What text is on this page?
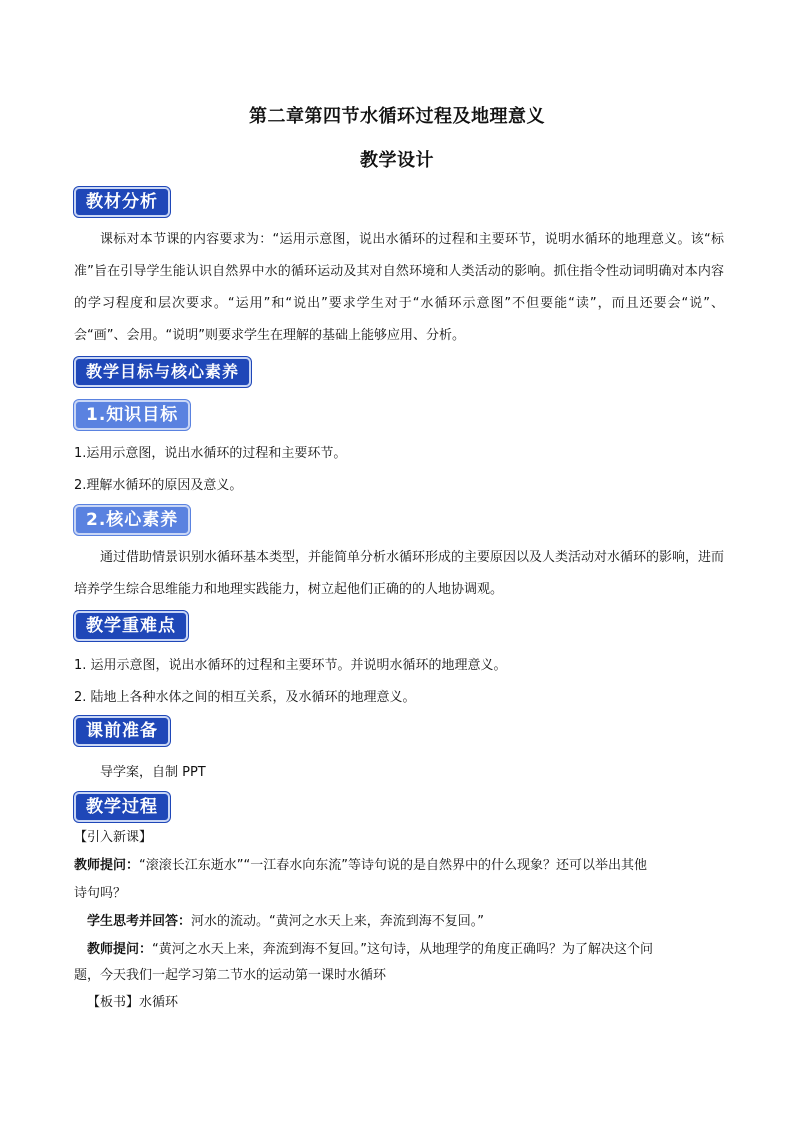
第二章第四节水循环过程及地理意义
教学设计
教材分析
课标对本节课的内容要求为：“运用示意图，说出水循环的过程和主要环节，说明水循环的地理意义。该“标准”旨在引导学生能认识自然界中水的循环运动及其对自然环境和人类活动的影响。抓住指令性动词明确对本内容的学习程度和层次要求。“运用”和“说出”要求学生对于“水循环示意图”不但要能“读”，而且还要会“说”、会“画”、会用。“说明”则要求学生在理解的基础上能够应用、分析。
教学目标与核心素养
1.知识目标
1.运用示意图，说出水循环的过程和主要环节。
2.理解水循环的原因及意义。
2.核心素养
通过借助情景识别水循环基本类型，并能简单分析水循环形成的主要原因以及人类活动对水循环的影响，进而培养学生综合思维能力和地理实践能力，树立起他们正确的的人地协调观。
教学重难点
1. 运用示意图，说出水循环的过程和主要环节。并说明水循环的地理意义。
2. 陆地上各种水体之间的相互关系，及水循环的地理意义。
课前准备
导学案，自制 PPT
教学过程
【引入新课】
教师提问：“滚滚长江东逝水”“一江春水向东流”等诗句说的是自然界中的什么现象？还可以举出其他
诗句吗？
学生思考并回答：河水的流动。“黄河之水天上来，奔流到海不复回。”
教师提问：“黄河之水天上来，奔流到海不复回。”这句诗，从地理学的角度正确吗？为了解决这个问
题，今天我们一起学习第二节水的运动第一课时水循环
【板书】水循环
